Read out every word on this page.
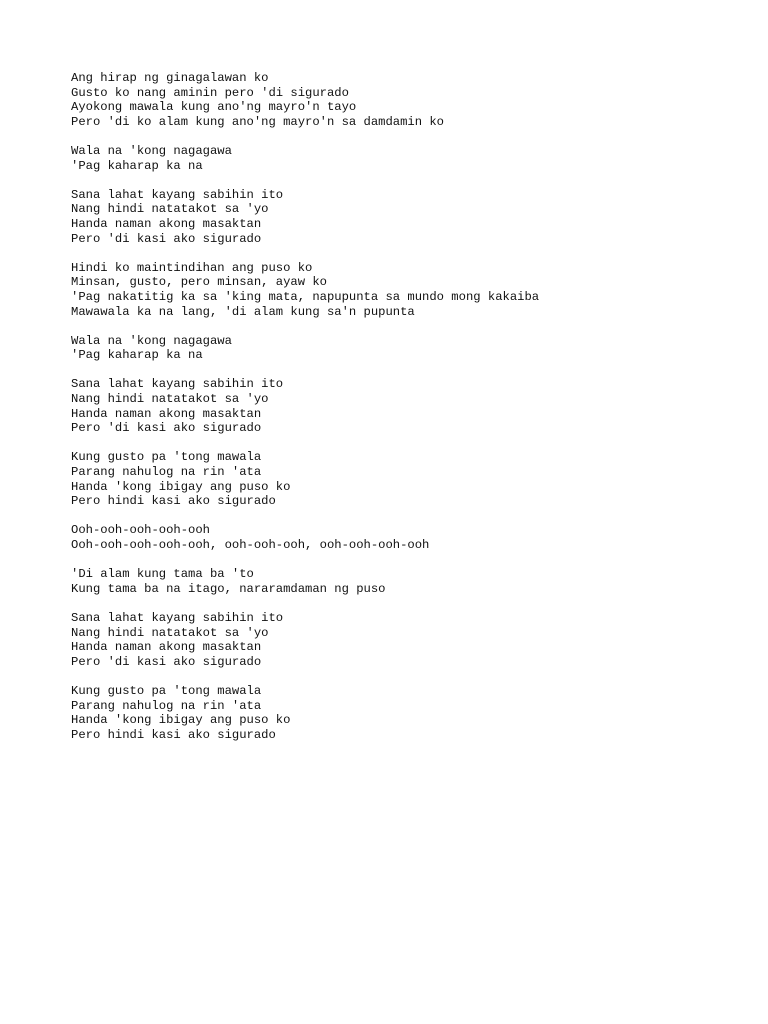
Ang hirap ng ginagalawan ko
Gusto ko nang aminin pero 'di sigurado
Ayokong mawala kung ano'ng mayro'n tayo
Pero 'di ko alam kung ano'ng mayro'n sa damdamin ko
Wala na 'kong nagagawa
'Pag kaharap ka na
Sana lahat kayang sabihin ito
Nang hindi natatakot sa 'yo
Handa naman akong masaktan
Pero 'di kasi ako sigurado
Hindi ko maintindihan ang puso ko
Minsan, gusto, pero minsan, ayaw ko
'Pag nakatitig ka sa 'king mata, napupunta sa mundo mong kakaiba
Mawawala ka na lang, 'di alam kung sa'n pupunta
Wala na 'kong nagagawa
'Pag kaharap ka na
Sana lahat kayang sabihin ito
Nang hindi natatakot sa 'yo
Handa naman akong masaktan
Pero 'di kasi ako sigurado
Kung gusto pa 'tong mawala
Parang nahulog na rin 'ata
Handa 'kong ibigay ang puso ko
Pero hindi kasi ako sigurado
Ooh-ooh-ooh-ooh-ooh
Ooh-ooh-ooh-ooh-ooh, ooh-ooh-ooh, ooh-ooh-ooh-ooh
'Di alam kung tama ba 'to
Kung tama ba na itago, nararamdaman ng puso
Sana lahat kayang sabihin ito
Nang hindi natatakot sa 'yo
Handa naman akong masaktan
Pero 'di kasi ako sigurado
Kung gusto pa 'tong mawala
Parang nahulog na rin 'ata
Handa 'kong ibigay ang puso ko
Pero hindi kasi ako sigurado
